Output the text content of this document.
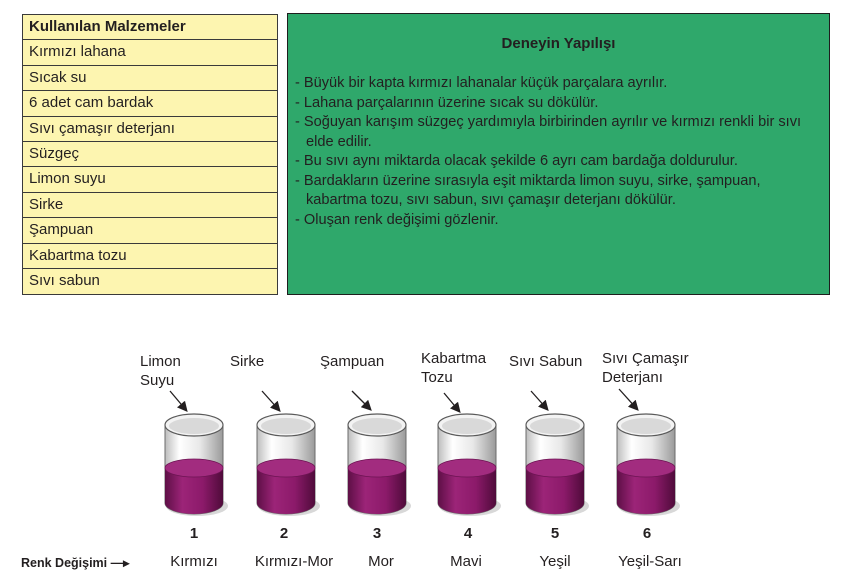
Kullanılan Malzemeler
Kırmızı lahana
Sıcak su
6 adet cam bardak
Sıvı çamaşır deterjanı
Süzgeç
Limon suyu
Sirke
Şampuan
Kabartma tozu
Sıvı sabun
Deneyin Yapılışı
- Büyük bir kapta kırmızı lahanalar küçük parçalara ayrılır.
- Lahana parçalarının üzerine sıcak su dökülür.
- Soğuyan karışım süzgeç yardımıyla birbirinden ayrılır ve kırmızı renkli bir sıvı elde edilir.
- Bu sıvı aynı miktarda olacak şekilde 6 ayrı cam bardağa doldurulur.
- Bardakların üzerine sırasıyla eşit miktarda limon suyu, sirke, şampuan, kabartma tozu, sıvı sabun, sıvı çamaşır deterjanı dökülür.
- Oluşan renk değişimi gözlenir.
Limon
Suyu
Sirke	Şampuan Kabartma
Tozu
Sıvı Sabun Sıvı Çamaşır
Deterjanı
1	2	3	4	5	6
Renk Değişimi —▸	Kırmızı	Kırmızı-Mor	Mor	Mavi	Yeşil	Yeşil-Sarı
